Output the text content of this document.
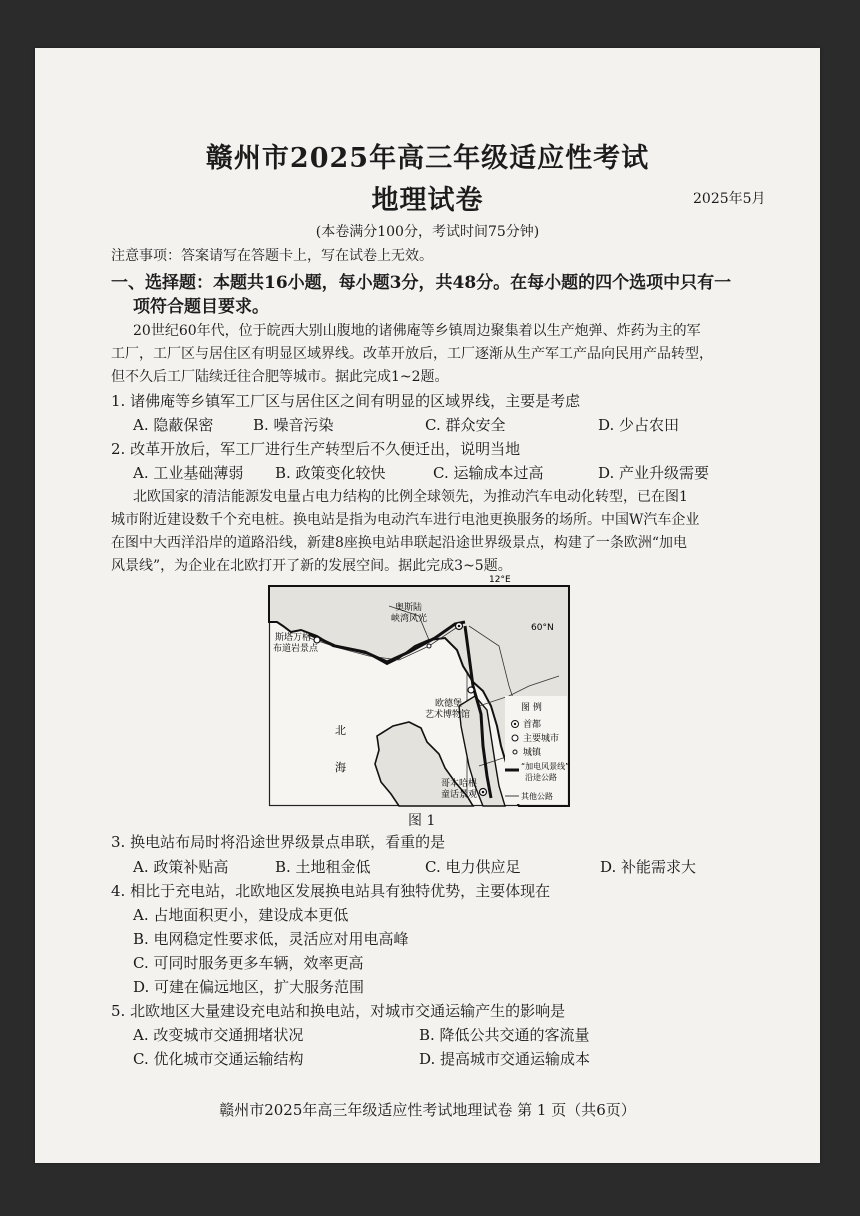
赣州市2025年高三年级适应性考试
地理试卷	2025年5月
(本卷满分100分，考试时间75分钟)
注意事项：答案请写在答题卡上，写在试卷上无效。
一、选择题：本题共16小题，每小题3分，共48分。在每小题的四个选项中只有一
项符合题目要求。
20世纪60年代，位于皖西大别山腹地的诸佛庵等乡镇周边聚集着以生产炮弹、炸药为主的军
工厂，工厂区与居住区有明显区域界线。改革开放后，工厂逐渐从生产军工产品向民用产品转型，
但不久后工厂陆续迁往合肥等城市。据此完成1~2题。
1. 诸佛庵等乡镇军工厂区与居住区之间有明显的区域界线，主要是考虑
A. 隐蔽保密	B. 噪音污染	C. 群众安全	D. 少占农田
2. 改革开放后，军工厂进行生产转型后不久便迁出，说明当地
A. 工业基础薄弱 B. 政策变化较快	C. 运输成本过高	D. 产业升级需要
北欧国家的清洁能源发电量占电力结构的比例全球领先，为推动汽车电动化转型，已在图1
城市附近建设数千个充电桩。换电站是指为电动汽车进行电池更换服务的场所。中国W汽车企业
在图中大西洋沿岸的道路沿线，新建8座换电站串联起沿途世界级景点，构建了一条欧洲“加电
风景线”，为企业在北欧打开了新的发展空间。据此完成3~5题。
12°E
60°N
奥斯陆
峡湾风光
斯塔万格
布道岩景点
欧德堡
艺术博物馆
哥本哈根
童话景观
北
海
图 例
首都
主要城市
城镇
“加电风景线”
沿途公路
其他公路
图 1
3. 换电站布局时将沿途世界级景点串联，看重的是
A. 政策补贴高	B. 土地租金低	C. 电力供应足	D. 补能需求大
4. 相比于充电站，北欧地区发展换电站具有独特优势，主要体现在
A. 占地面积更小，建设成本更低
B. 电网稳定性要求低，灵活应对用电高峰
C. 可同时服务更多车辆，效率更高
D. 可建在偏远地区，扩大服务范围
5. 北欧地区大量建设充电站和换电站，对城市交通运输产生的影响是
A. 改变城市交通拥堵状况	B. 降低公共交通的客流量
C. 优化城市交通运输结构	D. 提高城市交通运输成本
赣州市2025年高三年级适应性考试地理试卷 第 1 页（共6页）
